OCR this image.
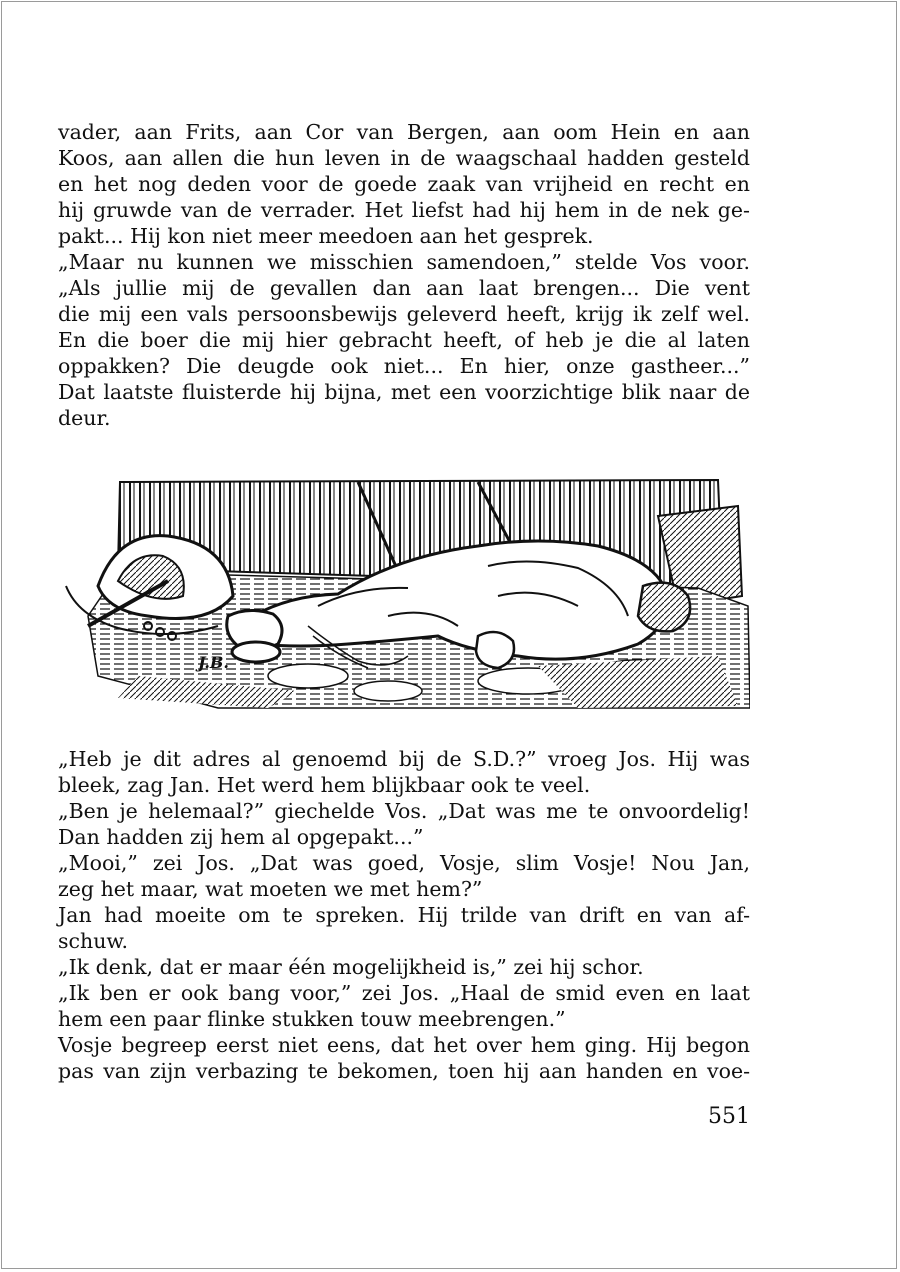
vader, aan Frits, aan Cor van Bergen, aan oom Hein en aan
Koos, aan allen die hun leven in de waagschaal hadden gesteld
en het nog deden voor de goede zaak van vrijheid en recht en
hij gruwde van de verrader. Het liefst had hij hem in de nek ge-
pakt... Hij kon niet meer meedoen aan het gesprek.
„Maar nu kunnen we misschien samendoen,” stelde Vos voor.
„Als jullie mij de gevallen dan aan laat brengen... Die vent
die mij een vals persoonsbewijs geleverd heeft, krijg ik zelf wel.
En die boer die mij hier gebracht heeft, of heb je die al laten
oppakken? Die deugde ook niet... En hier, onze gastheer...”
Dat laatste fluisterde hij bijna, met een voorzichtige blik naar de
deur.
J.B.
„Heb je dit adres al genoemd bij de S.D.?” vroeg Jos. Hij was
bleek, zag Jan. Het werd hem blijkbaar ook te veel.
„Ben je helemaal?” giechelde Vos. „Dat was me te onvoordelig!
Dan hadden zij hem al opgepakt...”
„Mooi,” zei Jos. „Dat was goed, Vosje, slim Vosje! Nou Jan,
zeg het maar, wat moeten we met hem?”
Jan had moeite om te spreken. Hij trilde van drift en van af-
schuw.
„Ik denk, dat er maar één mogelijkheid is,” zei hij schor.
„Ik ben er ook bang voor,” zei Jos. „Haal de smid even en laat
hem een paar flinke stukken touw meebrengen.”
Vosje begreep eerst niet eens, dat het over hem ging. Hij begon
pas van zijn verbazing te bekomen, toen hij aan handen en voe-
551
